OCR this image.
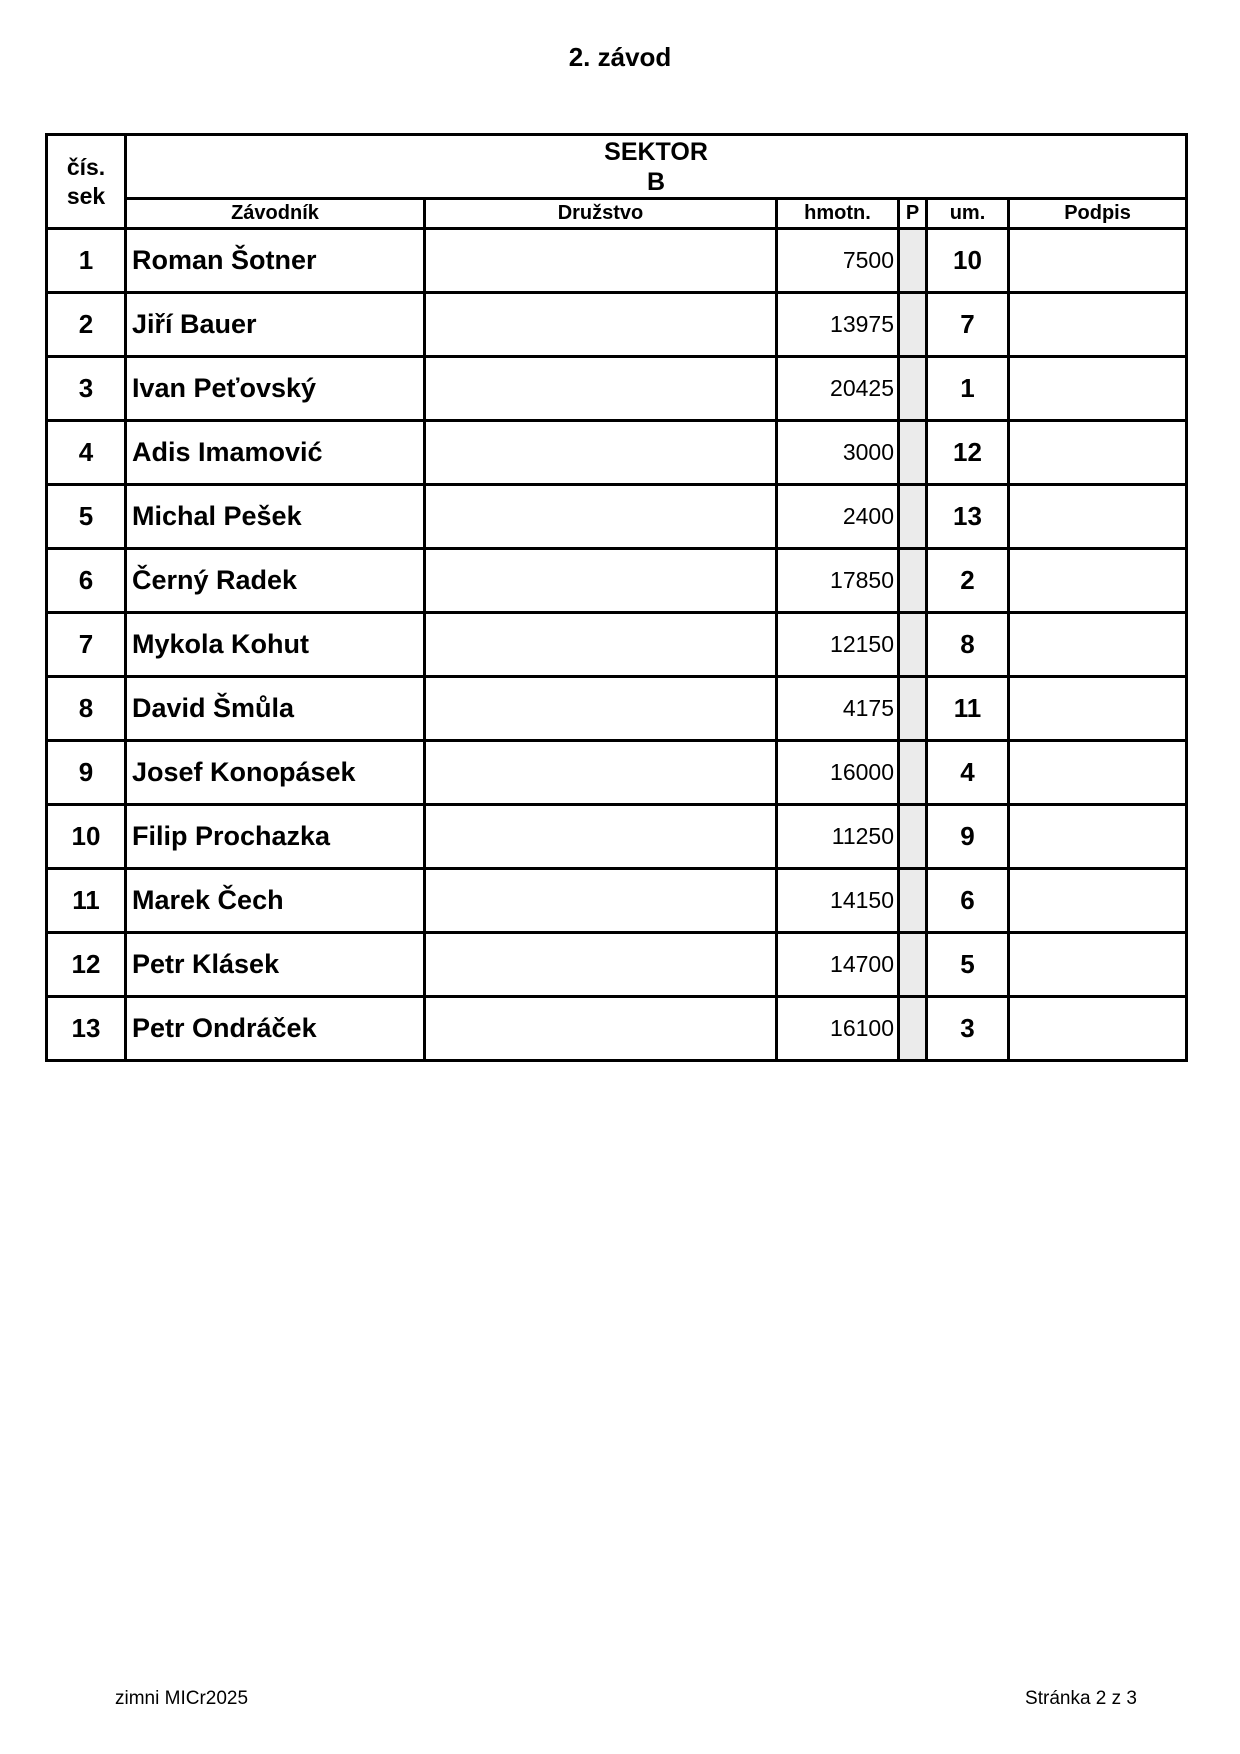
2. závod
čís.
sek

SEKTOR
B

	Závodník	Družstvo	hmotn.	P	um.	Podpis
1	Roman Šotner		7500		10	
2	Jiří Bauer		13975		7	
3	Ivan Peťovský		20425		1	
4	Adis Imamović		3000		12	
5	Michal Pešek		2400		13	
6	Černý Radek		17850		2	
7	Mykola Kohut		12150		8	
8	David Šmůla		4175		11	
9	Josef Konopásek		16000		4	
10	Filip Prochazka		11250		9	
11	Marek Čech		14150		6	
12	Petr Klásek		14700		5	
13	Petr Ondráček		16100		3	
zimni MICr2025	Stránka 2 z 3
